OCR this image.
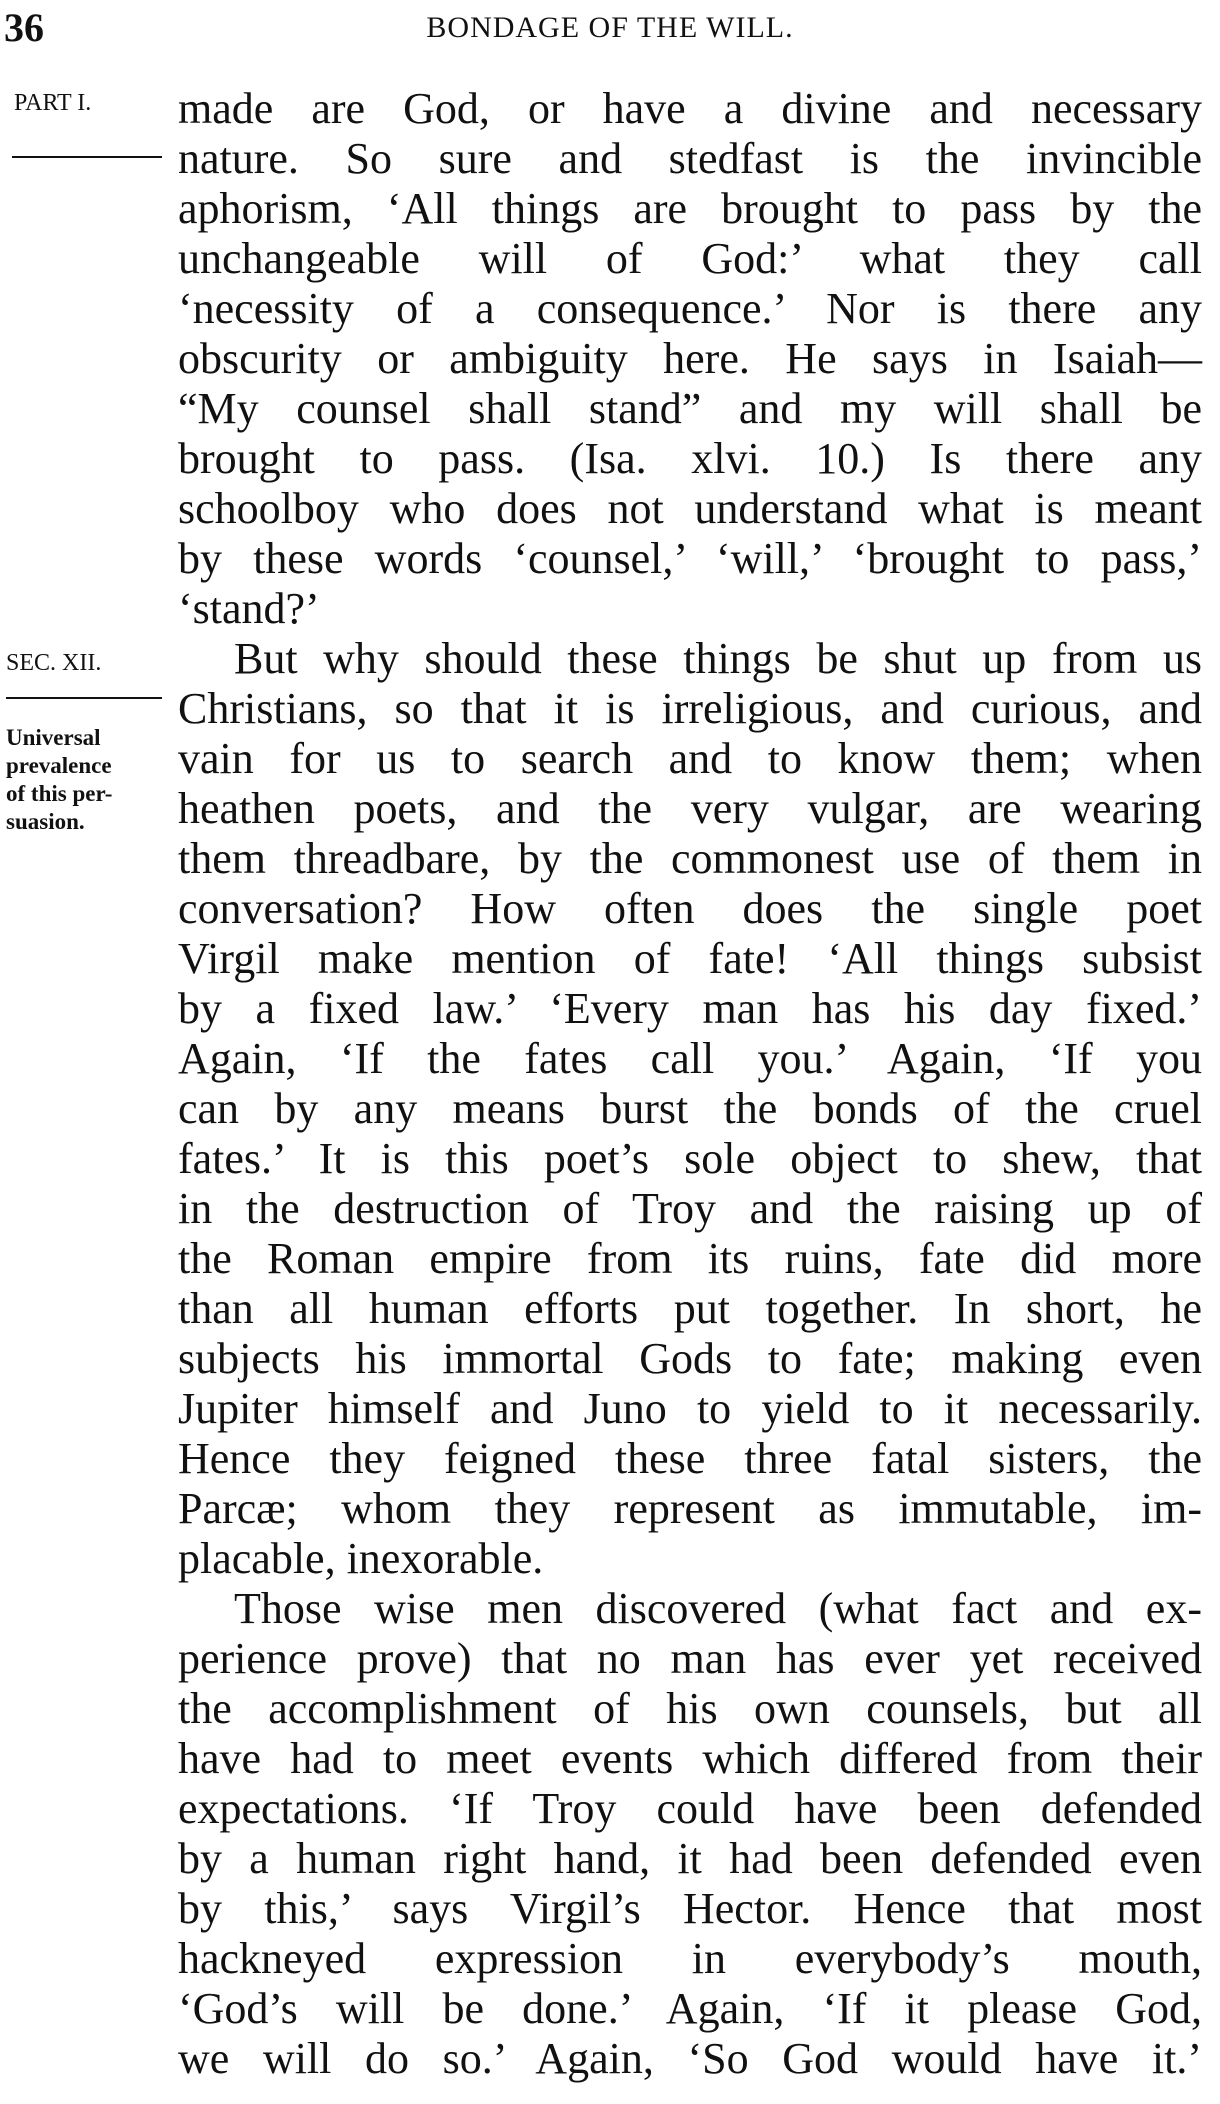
36	BONDAGE OF THE WILL.
PART I.
SEC. XII.
Universal
prevalence
of this per-
suasion.
made are God, or have a divine and necessary
nature. So sure and stedfast is the invincible
aphorism, ‘All things are brought to pass by the
unchangeable will of God:’ what they call
‘necessity of a consequence.’ Nor is there any
obscurity or ambiguity here. He says in Isaiah—
“My counsel shall stand” and my will shall be
brought to pass. (Isa. xlvi. 10.) Is there any
schoolboy who does not understand what is meant
by these words ‘counsel,’ ‘will,’ ‘brought to pass,’
‘stand?’
But why should these things be shut up from us
Christians, so that it is irreligious, and curious, and
vain for us to search and to know them; when
heathen poets, and the very vulgar, are wearing
them threadbare, by the commonest use of them in
conversation? How often does the single poet
Virgil make mention of fate! ‘All things subsist
by a fixed law.’ ‘Every man has his day fixed.’
Again, ‘If the fates call you.’ Again, ‘If you
can by any means burst the bonds of the cruel
fates.’ It is this poet’s sole object to shew, that
in the destruction of Troy and the raising up of
the Roman empire from its ruins, fate did more
than all human efforts put together. In short, he
subjects his immortal Gods to fate; making even
Jupiter himself and Juno to yield to it necessarily.
Hence they feigned these three fatal sisters, the
Parcæ; whom they represent as immutable, im-
placable, inexorable.
Those wise men discovered (what fact and ex-
perience prove) that no man has ever yet received
the accomplishment of his own counsels, but all
have had to meet events which differed from their
expectations. ‘If Troy could have been defended
by a human right hand, it had been defended even
by this,’ says Virgil’s Hector. Hence that most
hackneyed expression in everybody’s mouth,
‘God’s will be done.’ Again, ‘If it please God,
we will do so.’ Again, ‘So God would have it.’
